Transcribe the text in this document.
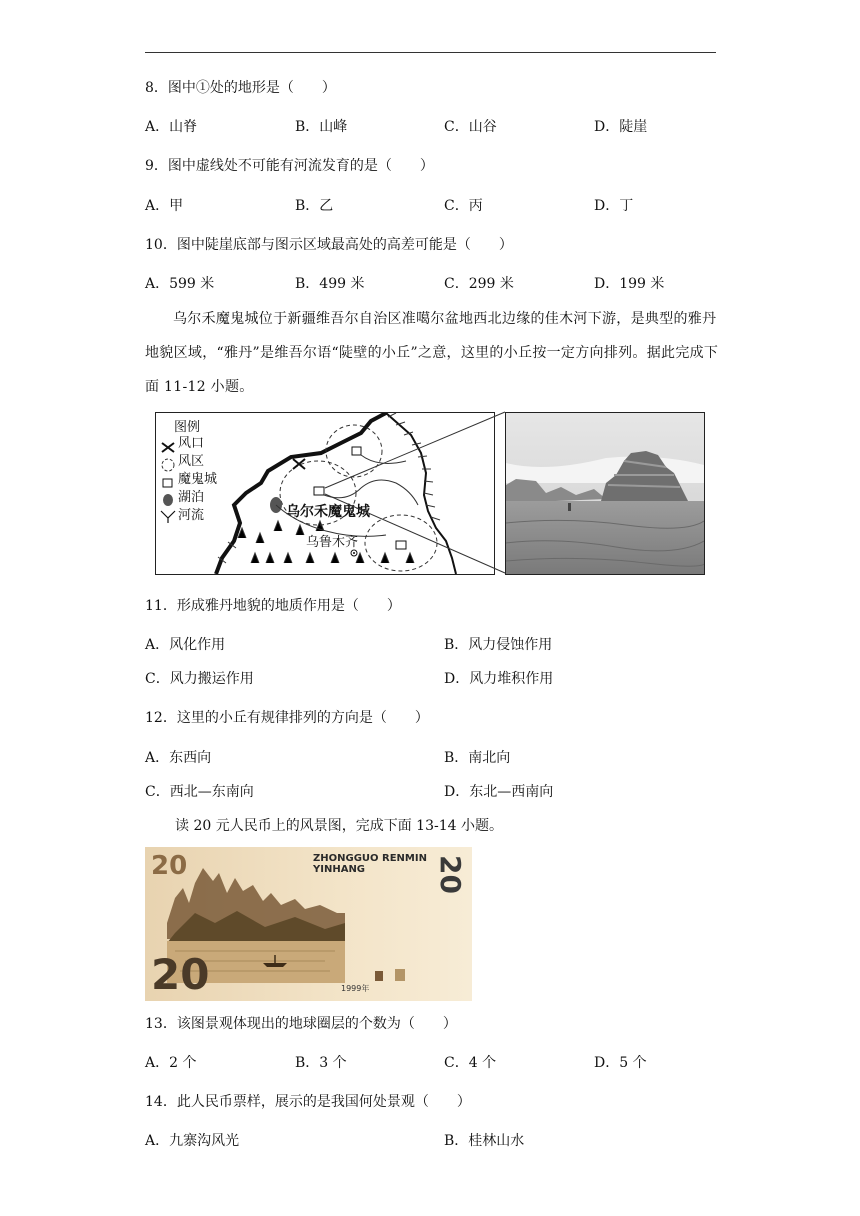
8．图中①处的地形是（　　）
A．山脊	B．山峰	C．山谷	D．陡崖
9．图中虚线处不可能有河流发育的是（　　）
A．甲	B．乙	C．丙	D．丁
10．图中陡崖底部与图示区域最高处的高差可能是（　　）
A．599 米	B．499 米	C．299 米	D．199 米
乌尔禾魔鬼城位于新疆维吾尔自治区准噶尔盆地西北边缘的佳木河下游，是典型的雅丹地貌区域，“雅丹”是维吾尔语“陡壁的小丘”之意，这里的小丘按一定方向排列。据此完成下面 11-12 小题。
图例
风口
风区
魔鬼城
湖泊
河流	乌尔禾魔鬼城
乌鲁木齐
11．形成雅丹地貌的地质作用是（　　）
A．风化作用	B．风力侵蚀作用
C．风力搬运作用	D．风力堆积作用
12．这里的小丘有规律排列的方向是（　　）
A．东西向	B．南北向
C．西北—东南向	D．东北—西南向
读 20 元人民币上的风景图，完成下面 13-14 小题。
20
20
ZHONGGUO RENMIN YINHANG	20
1999年
13．该图景观体现出的地球圈层的个数为（　　）
A．2 个	B．3 个	C．4 个	D．5 个
14．此人民币票样，展示的是我国何处景观（　　）
A．九寨沟风光	B．桂林山水
